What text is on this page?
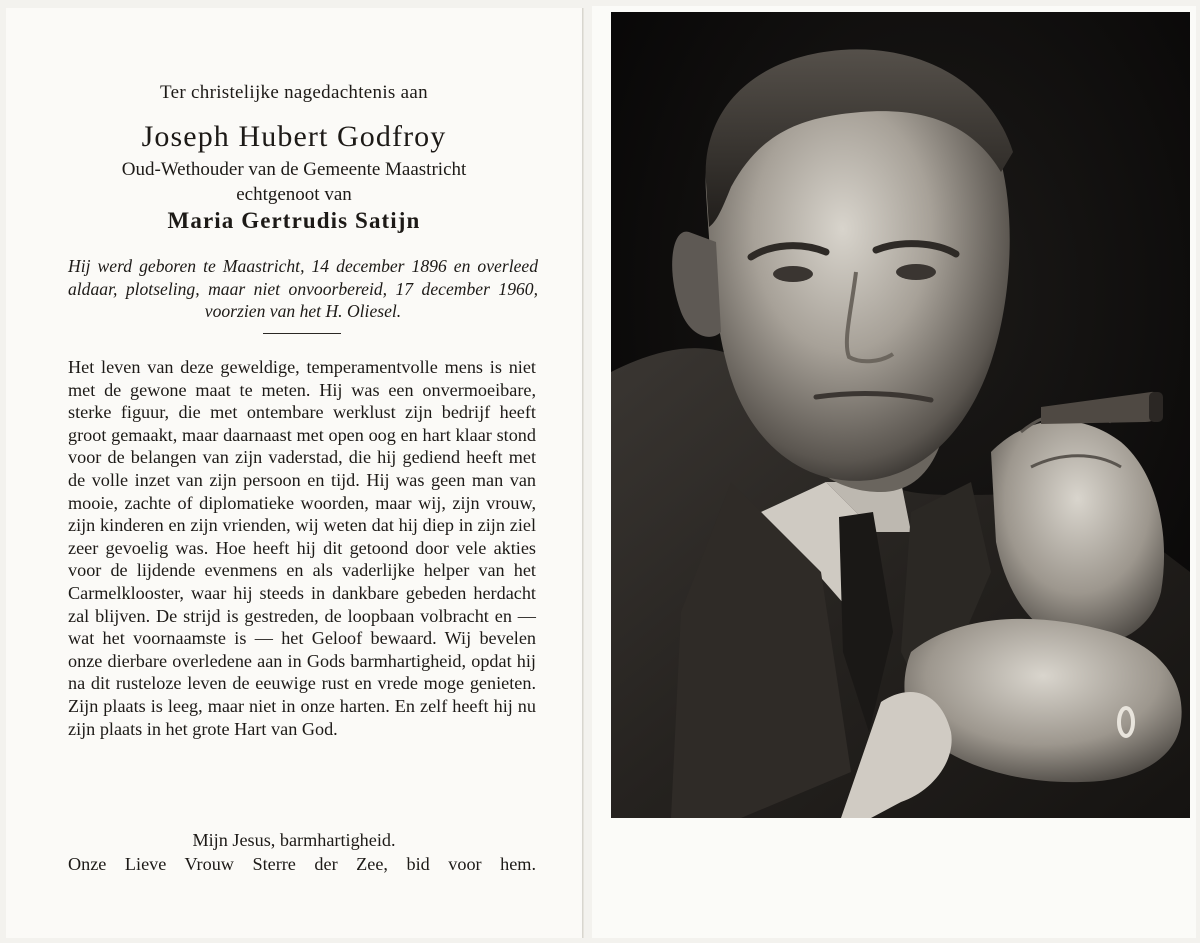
Ter christelijke nagedachtenis aan
Joseph Hubert Godfroy
Oud-Wethouder van de Gemeente Maastricht
echtgenoot van
Maria Gertrudis Satijn
Hij werd geboren te Maastricht, 14 december 1896 en overleed aldaar, plotseling, maar niet onvoorbereid, 17 december 1960, voorzien van het H. Oliesel.
Het leven van deze geweldige, temperamentvolle mens is niet met de gewone maat te meten. Hij was een onvermoeibare, sterke figuur, die met ontembare werklust zijn bedrijf heeft groot gemaakt, maar daarnaast met open oog en hart klaar stond voor de belangen van zijn vaderstad, die hij gediend heeft met de volle inzet van zijn persoon en tijd. Hij was geen man van mooie, zachte of diplomatieke woorden, maar wij, zijn vrouw, zijn kinderen en zijn vrienden, wij weten dat hij diep in zijn ziel zeer gevoelig was. Hoe heeft hij dit getoond door vele akties voor de lijdende evenmens en als vaderlijke helper van het Carmelklooster, waar hij steeds in dankbare gebeden herdacht zal blijven. De strijd is gestreden, de loopbaan volbracht en — wat het voornaamste is — het Geloof bewaard. Wij bevelen onze dierbare overledene aan in Gods barmhartigheid, opdat hij na dit rusteloze leven de eeuwige rust en vrede moge genieten. Zijn plaats is leeg, maar niet in onze harten. En zelf heeft hij nu zijn plaats in het grote Hart van God.
Mijn Jesus, barmhartigheid.
Onze Lieve Vrouw Sterre der Zee, bid voor hem.
